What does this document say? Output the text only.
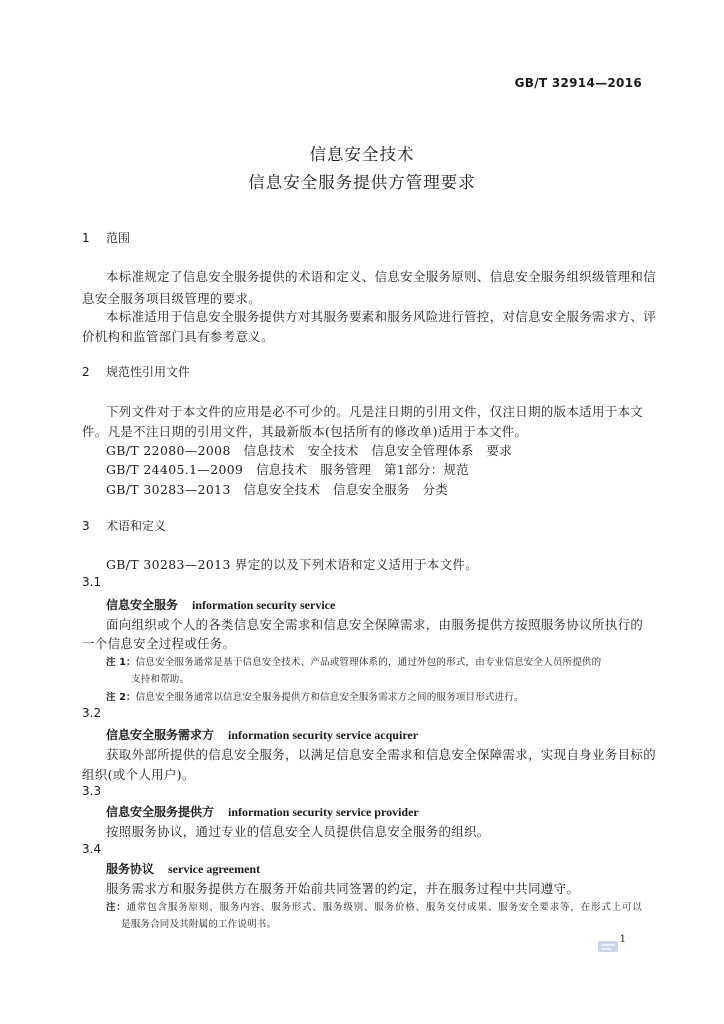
GB/T 32914—2016
信息安全技术
信息安全服务提供方管理要求
1 范围
本标准规定了信息安全服务提供的术语和定义、信息安全服务原则、信息安全服务组织级管理和信
息安全服务项目级管理的要求。
本标准适用于信息安全服务提供方对其服务要素和服务风险进行管控，对信息安全服务需求方、评
价机构和监管部门具有参考意义。
2 规范性引用文件
下列文件对于本文件的应用是必不可少的。凡是注日期的引用文件，仅注日期的版本适用于本文
件。凡是不注日期的引用文件，其最新版本(包括所有的修改单)适用于本文件。
GB/T 22080—2008　信息技术　安全技术　信息安全管理体系　要求
GB/T 24405.1—2009　信息技术　服务管理　第1部分：规范
GB/T 30283—2013　信息安全技术　信息安全服务　分类
3 术语和定义
GB/T 30283—2013 界定的以及下列术语和定义适用于本文件。
3.1
信息安全服务 information security service
面向组织或个人的各类信息安全需求和信息安全保障需求，由服务提供方按照服务协议所执行的
一个信息安全过程或任务。
注 1：信息安全服务通常是基于信息安全技术、产品或管理体系的，通过外包的形式，由专业信息安全人员所提供的
支持和帮助。
注 2：信息安全服务通常以信息安全服务提供方和信息安全服务需求方之间的服务项目形式进行。
3.2
信息安全服务需求方 information security service acquirer
获取外部所提供的信息安全服务，以满足信息安全需求和信息安全保障需求，实现自身业务目标的
组织(或个人用户)。
3.3
信息安全服务提供方 information security service provider
按照服务协议，通过专业的信息安全人员提供信息安全服务的组织。
3.4
服务协议 service agreement
服务需求方和服务提供方在服务开始前共同签署的约定，并在服务过程中共同遵守。
注：通常包含服务原则、服务内容、服务形式、服务级别、服务价格、服务交付成果、服务安全要求等，在形式上可以
是服务合同及其附属的工作说明书。
1
